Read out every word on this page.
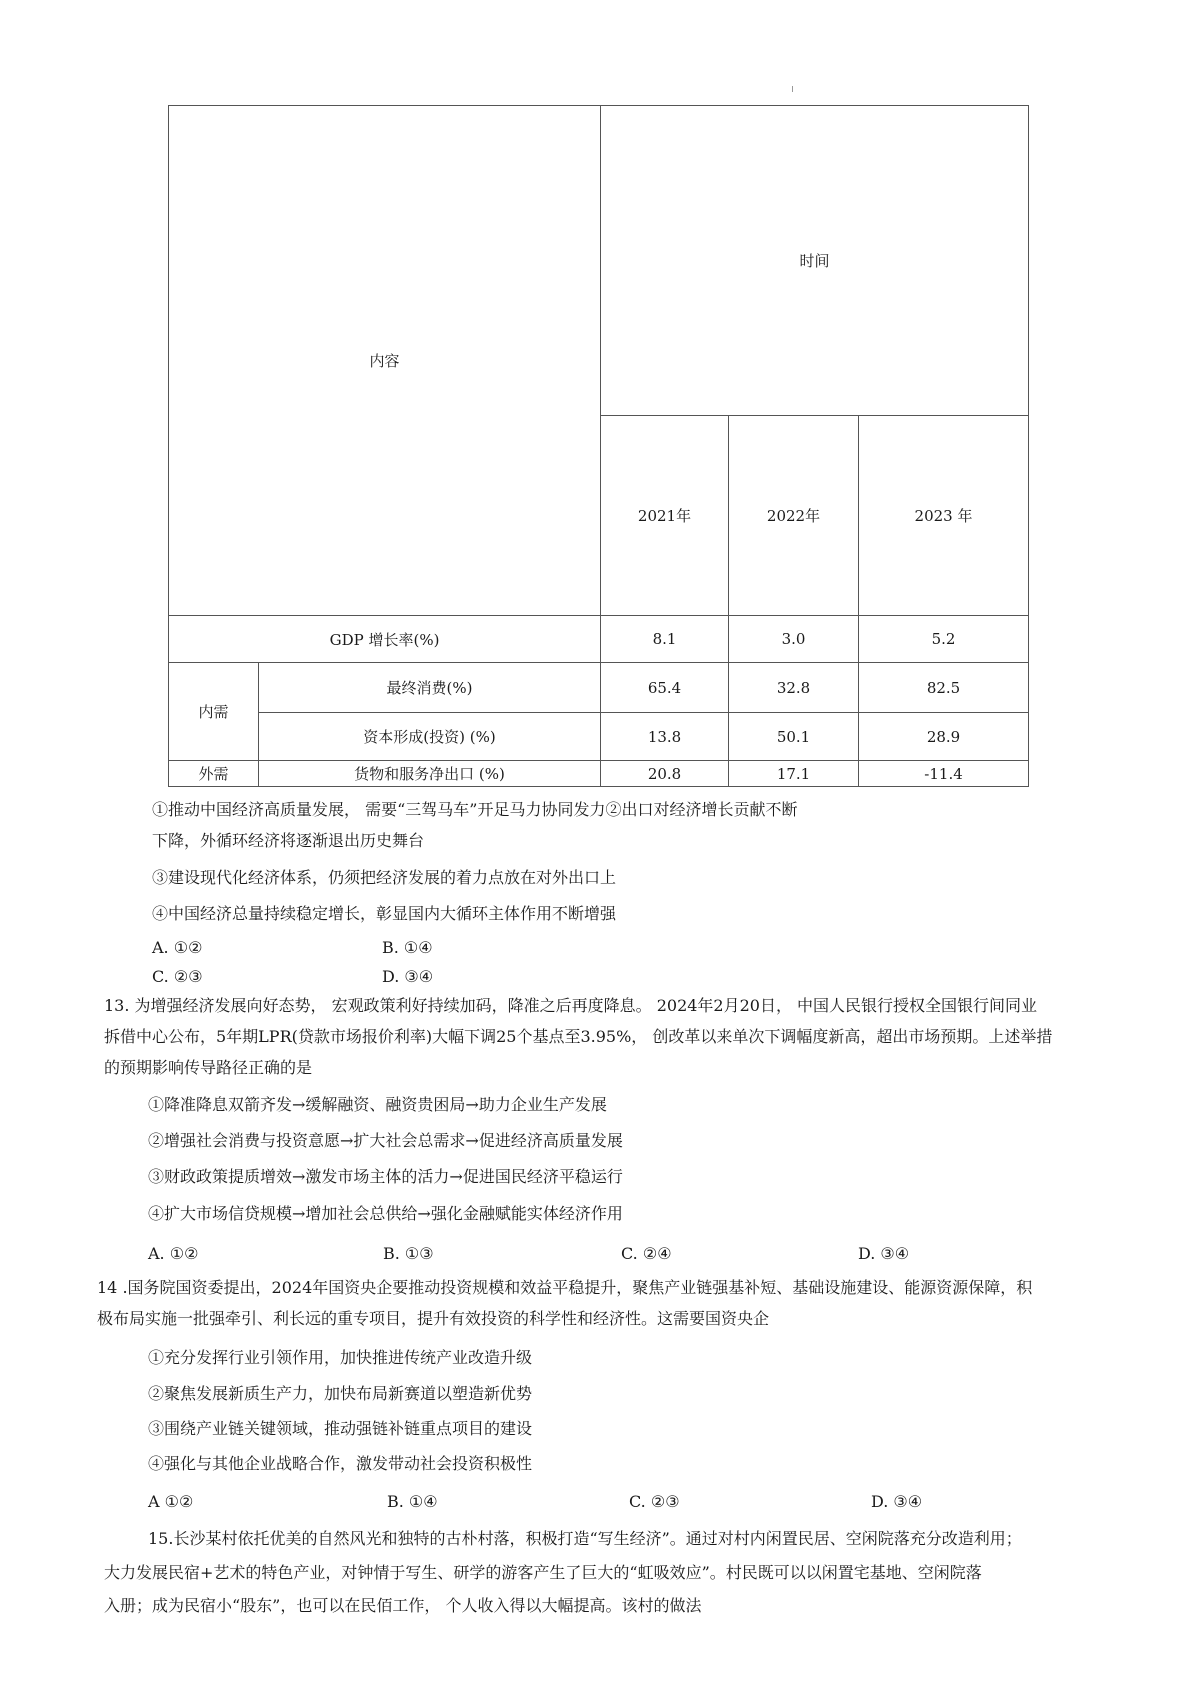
内容		时间		
		2021年	2022年	2023 年
GDP 增长率(%)		8.1	3.0	5.2
内需	最终消费(%)	65.4	32.8	82.5
	资本形成(投资) (%)	13.8	50.1	28.9
外需	货物和服务净出口 (%)	20.8	17.1	-11.4
①推动中国经济高质量发展， 需要“三驾马车”开足马力协同发力②出口对经济增长贡献不断
下降，外循环经济将逐渐退出历史舞台
③建设现代化经济体系，仍须把经济发展的着力点放在对外出口上
④中国经济总量持续稳定增长，彰显国内大循环主体作用不断增强
A. ①②	B. ①④
C. ②③	D. ③④
13. 为增强经济发展向好态势， 宏观政策利好持续加码，降准之后再度降息。 2024年2月20日， 中国人民银行授权全国银行间同业
拆借中心公布，5年期LPR(贷款市场报价利率)大幅下调25个基点至3.95%， 创改革以来单次下调幅度新高，超出市场预期。上述举措
的预期影响传导路径正确的是
①降准降息双箭齐发→缓解融资、融资贵困局→助力企业生产发展
②增强社会消费与投资意愿→扩大社会总需求→促进经济高质量发展
③财政政策提质增效→激发市场主体的活力→促进国民经济平稳运行
④扩大市场信贷规模→增加社会总供给→强化金融赋能实体经济作用
A. ①②	B. ①③	C. ②④	D. ③④
14 .国务院国资委提出，2024年国资央企要推动投资规模和效益平稳提升，聚焦产业链强基补短、基础设施建设、能源资源保障，积
极布局实施一批强牵引、利长远的重专项目，提升有效投资的科学性和经济性。这需要国资央企
①充分发挥行业引领作用，加快推进传统产业改造升级
②聚焦发展新质生产力，加快布局新赛道以塑造新优势
③围绕产业链关键领域，推动强链补链重点项目的建设
④强化与其他企业战略合作，激发带动社会投资积极性
A ①②	B. ①④	C. ②③	D. ③④
15.长沙某村依托优美的自然风光和独特的古朴村落，积极打造“写生经济”。通过对村内闲置民居、空闲院落充分改造利用；
大力发展民宿+艺术的特色产业，对钟情于写生、研学的游客产生了巨大的“虹吸效应”。村民既可以以闲置宅基地、空闲院落
入册；成为民宿小“股东”，也可以在民佰工作， 个人收入得以大幅提高。该村的做法
